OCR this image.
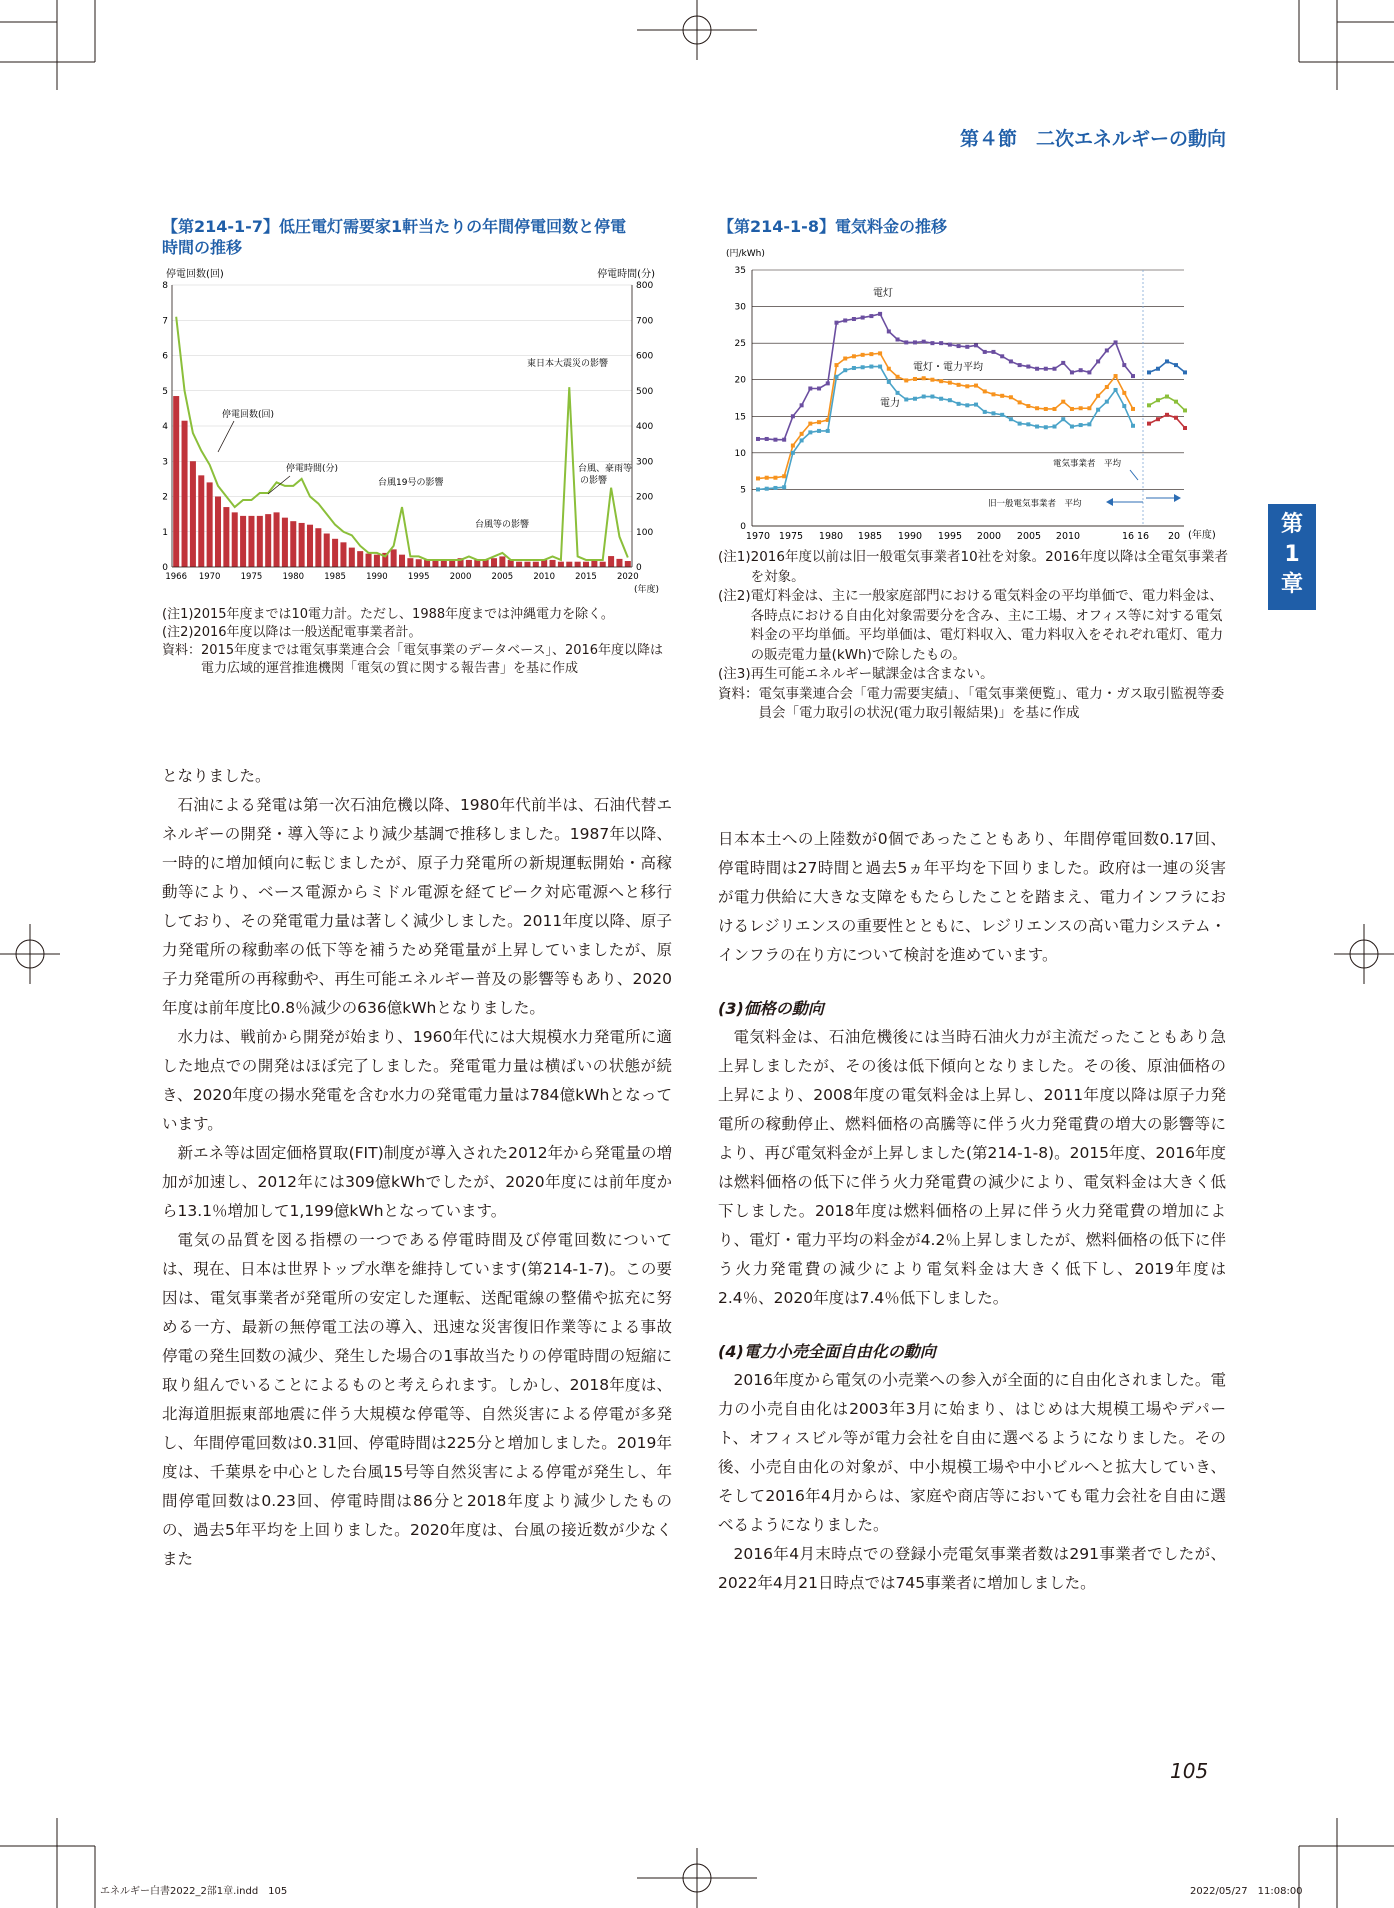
第４節　二次エネルギーの動向
第
1
章
【第214-1-7】低圧電灯需要家1軒当たりの年間停電回数と停電
時間の推移
停電回数(回)	停電時間(分)
(年度)
0	0
1	100
2	200
3	300
4	400
5	500
6	600
7	700
8	800
1966 1970 1975 1980 1985 1990 1995 2000 2005 2010 2015 2020
停電回数(回)
停電時間(分)
台風19号の影響
台風等の影響
東日本大震災の影響
台風、豪雨等 の影響
(注1) 2015年度までは10電力計。ただし、1988年度までは沖縄電力を除く。
(注2) 2016年度以降は一般送配電事業者計。
資料： 2015年度までは電気事業連合会「電気事業のデータベース」、2016年度以降は電力広域的運営推進機関「電気の質に関する報告書」を基に作成
【第214-1-8】電気料金の推移
(円/kWh)
(年度)
0
5
10
15
20
25
30
35
1970 1975 1980 1985 1990 1995 2000 2005 2010	16 16 20
電灯
電灯・電力平均
電力
電気事業者　平均
旧一般電気事業者　平均
(注1) 2016年度以前は旧一般電気事業者10社を対象。2016年度以降は全電気事業者を対象。
(注2) 電灯料金は、主に一般家庭部門における電気料金の平均単価で、電力料金は、各時点における自由化対象需要分を含み、主に工場、オフィス等に対する電気料金の平均単価。平均単価は、電灯料収入、電力料収入をそれぞれ電灯、電力の販売電力量(kWh)で除したもの。
(注3) 再生可能エネルギー賦課金は含まない。
資料： 電気事業連合会「電力需要実績」、「電気事業便覧」、電力・ガス取引監視等委員会「電力取引の状況(電力取引報結果)」を基に作成

となりました。

石油による発電は第一次石油危機以降、1980年代前半は、石油代替エネルギーの開発・導入等により減少基調で推移しました。1987年以降、一時的に増加傾向に転じましたが、原子力発電所の新規運転開始・高稼動等により、ベース電源からミドル電源を経てピーク対応電源へと移行しており、その発電電力量は著しく減少しました。2011年度以降、原子力発電所の稼動率の低下等を補うため発電量が上昇していましたが、原子力発電所の再稼動や、再生可能エネルギー普及の影響等もあり、2020年度は前年度比0.8％減少の636億kWhとなりました。

水力は、戦前から開発が始まり、1960年代には大規模水力発電所に適した地点での開発はほぼ完了しました。発電電力量は横ばいの状態が続き、2020年度の揚水発電を含む水力の発電電力量は784億kWhとなっています。

新エネ等は固定価格買取(FIT)制度が導入された2012年から発電量の増加が加速し、2012年には309億kWhでしたが、2020年度には前年度から13.1％増加して1,199億kWhとなっています。

電気の品質を図る指標の一つである停電時間及び停電回数については、現在、日本は世界トップ水準を維持しています(第214-1-7)。この要因は、電気事業者が発電所の安定した運転、送配電線の整備や拡充に努める一方、最新の無停電工法の導入、迅速な災害復旧作業等による事故停電の発生回数の減少、発生した場合の1事故当たりの停電時間の短縮に取り組んでいることによるものと考えられます。しかし、2018年度は、北海道胆振東部地震に伴う大規模な停電等、自然災害による停電が多発し、年間停電回数は0.31回、停電時間は225分と増加しました。2019年度は、千葉県を中心とした台風15号等自然災害による停電が発生し、年間停電回数は0.23回、停電時間は86分と2018年度より減少したものの、過去5年平均を上回りました。2020年度は、台風の接近数が少なくまた

日本本土への上陸数が0個であったこともあり、年間停電回数0.17回、停電時間は27時間と過去5ヵ年平均を下回りました。政府は一連の災害が電力供給に大きな支障をもたらしたことを踏まえ、電力インフラにおけるレジリエンスの重要性とともに、レジリエンスの高い電力システム・インフラの在り方について検討を進めています。

(3)価格の動向

電気料金は、石油危機後には当時石油火力が主流だったこともあり急上昇しましたが、その後は低下傾向となりました。その後、原油価格の上昇により、2008年度の電気料金は上昇し、2011年度以降は原子力発電所の稼動停止、燃料価格の高騰等に伴う火力発電費の増大の影響等により、再び電気料金が上昇しました(第214-1-8)。2015年度、2016年度は燃料価格の低下に伴う火力発電費の減少により、電気料金は大きく低下しました。2018年度は燃料価格の上昇に伴う火力発電費の増加により、電灯・電力平均の料金が4.2％上昇しましたが、燃料価格の低下に伴う火力発電費の減少により電気料金は大きく低下し、2019年度は2.4％、2020年度は7.4％低下しました。

(4)電力小売全面自由化の動向

2016年度から電気の小売業への参入が全面的に自由化されました。電力の小売自由化は2003年3月に始まり、はじめは大規模工場やデパート、オフィスビル等が電力会社を自由に選べるようになりました。その後、小売自由化の対象が、中小規模工場や中小ビルへと拡大していき、そして2016年4月からは、家庭や商店等においても電力会社を自由に選べるようになりました。

2016年4月末時点での登録小売電気事業者数は291事業者でしたが、2022年4月21日時点では745事業者に増加しました。

105
エネルギー白書2022_2部1章.indd　105	2022/05/27　11:08:00
